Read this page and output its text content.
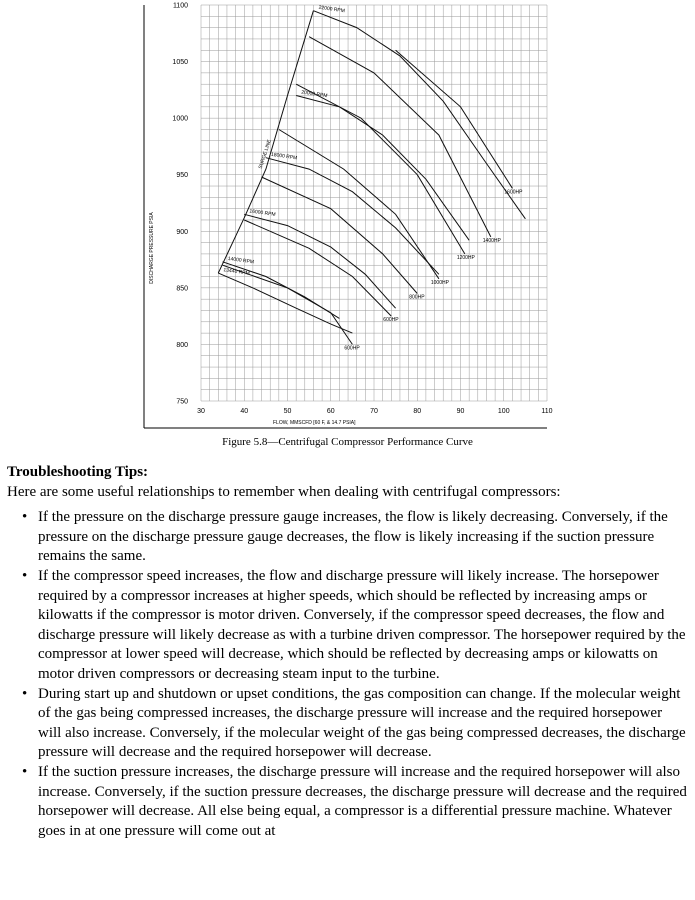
30	40	50	60	70	80	90	100	110
750
800
850
900
950
1000
1050
1100
FLOW, MMSCFD [60 F, & 14.7 PSIA]
DISCHARGE PRESSURE PSIA	13440 RPM
14000 RPM
16000 RPM
18000 RPM
20000 RPM
22000 RPM
600HP
600HP
800HP
1000HP
1200HP
1400HP
1600HP
SURGE LINE
Figure 5.8—Centrifugal Compressor Performance Curve

Troubleshooting Tips:

Here are some useful relationships to remember when dealing with centrifugal compressors:

• If the pressure on the discharge pressure gauge increases, the flow is likely decreasing. Conversely, if the pressure on the discharge pressure gauge decreases, the flow is likely increasing if the suction pressure remains the same.
• If the compressor speed increases, the flow and discharge pressure will likely increase. The horsepower required by a compressor increases at higher speeds, which should be reflected by increasing amps or kilowatts if the compressor is motor driven. Conversely, if the compressor speed decreases, the flow and discharge pressure will likely decrease as with a turbine driven compressor. The horsepower required by the compressor at lower speed will decrease, which should be reflected by decreasing amps or kilowatts on motor driven compressors or decreasing steam input to the turbine.
• During start up and shutdown or upset conditions, the gas composition can change. If the molecular weight of the gas being compressed increases, the discharge pressure will increase and the required horsepower will also increase. Conversely, if the molecular weight of the gas being compressed decreases, the discharge pressure will decrease and the required horsepower will decrease.
• If the suction pressure increases, the discharge pressure will increase and the required horsepower will also increase. Conversely, if the suction pressure decreases, the discharge pressure will decrease and the required horsepower will decrease. All else being equal, a compressor is a differential pressure machine. Whatever goes in at one pressure will come out at
